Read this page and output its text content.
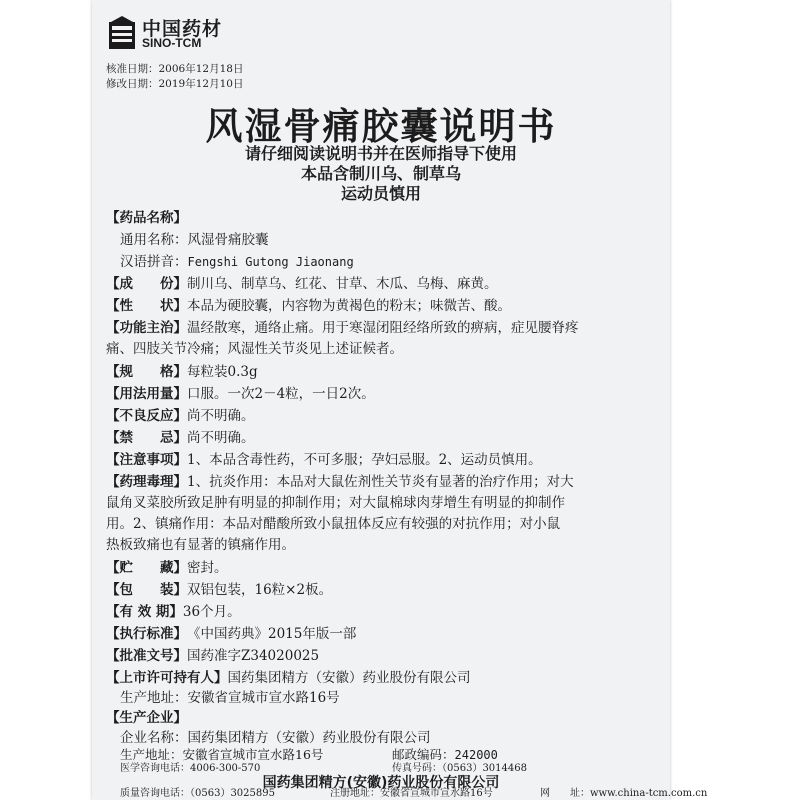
中国药材
SINO-TCM
核准日期：2006年12月18日
修改日期：2019年12月10日
风湿骨痛胶囊说明书
请仔细阅读说明书并在医师指导下使用
本品含制川乌、制草乌
运动员慎用
【药品名称】
通用名称：风湿骨痛胶囊
汉语拼音：Fengshi Gutong Jiaonang
【成　　份】制川乌、制草乌、红花、甘草、木瓜、乌梅、麻黄。
【性　　状】本品为硬胶囊，内容物为黄褐色的粉末；味微苦、酸。
【功能主治】温经散寒，通络止痛。用于寒湿闭阻经络所致的痹病，症见腰脊疼
痛、四肢关节冷痛；风湿性关节炎见上述证候者。
【规　　格】每粒装0.3g
【用法用量】口服。一次2－4粒，一日2次。
【不良反应】尚不明确。
【禁　　忌】尚不明确。
【注意事项】1、本品含毒性药，不可多服；孕妇忌服。2、运动员慎用。
【药理毒理】1、抗炎作用：本品对大鼠佐剂性关节炎有显著的治疗作用；对大
鼠角叉菜胶所致足肿有明显的抑制作用；对大鼠棉球肉芽增生有明显的抑制作
用。2、镇痛作用：本品对醋酸所致小鼠扭体反应有较强的对抗作用；对小鼠
热板致痛也有显著的镇痛作用。
【贮　　藏】密封。
【包　　装】双铝包装，16粒×2板。
【有 效 期】36个月。
【执行标准】《中国药典》2015年版一部
【批准文号】国药准字Z34020025
【上市许可持有人】国药集团精方（安徽）药业股份有限公司
生产地址：安徽省宣城市宣水路16号
【生产企业】
企业名称：国药集团精方（安徽）药业股份有限公司
生产地址：安徽省宣城市宣水路16号	邮政编码：242000
国药集团精方(安徽)药业股份有限公司
医学咨询电话：4006-300-570	传真号码：（0563）3014468
质量咨询电话：（0563）3025895	注册地址：安徽省宣城市宣水路16号	网　　址：www.china-tcm.com.cn
